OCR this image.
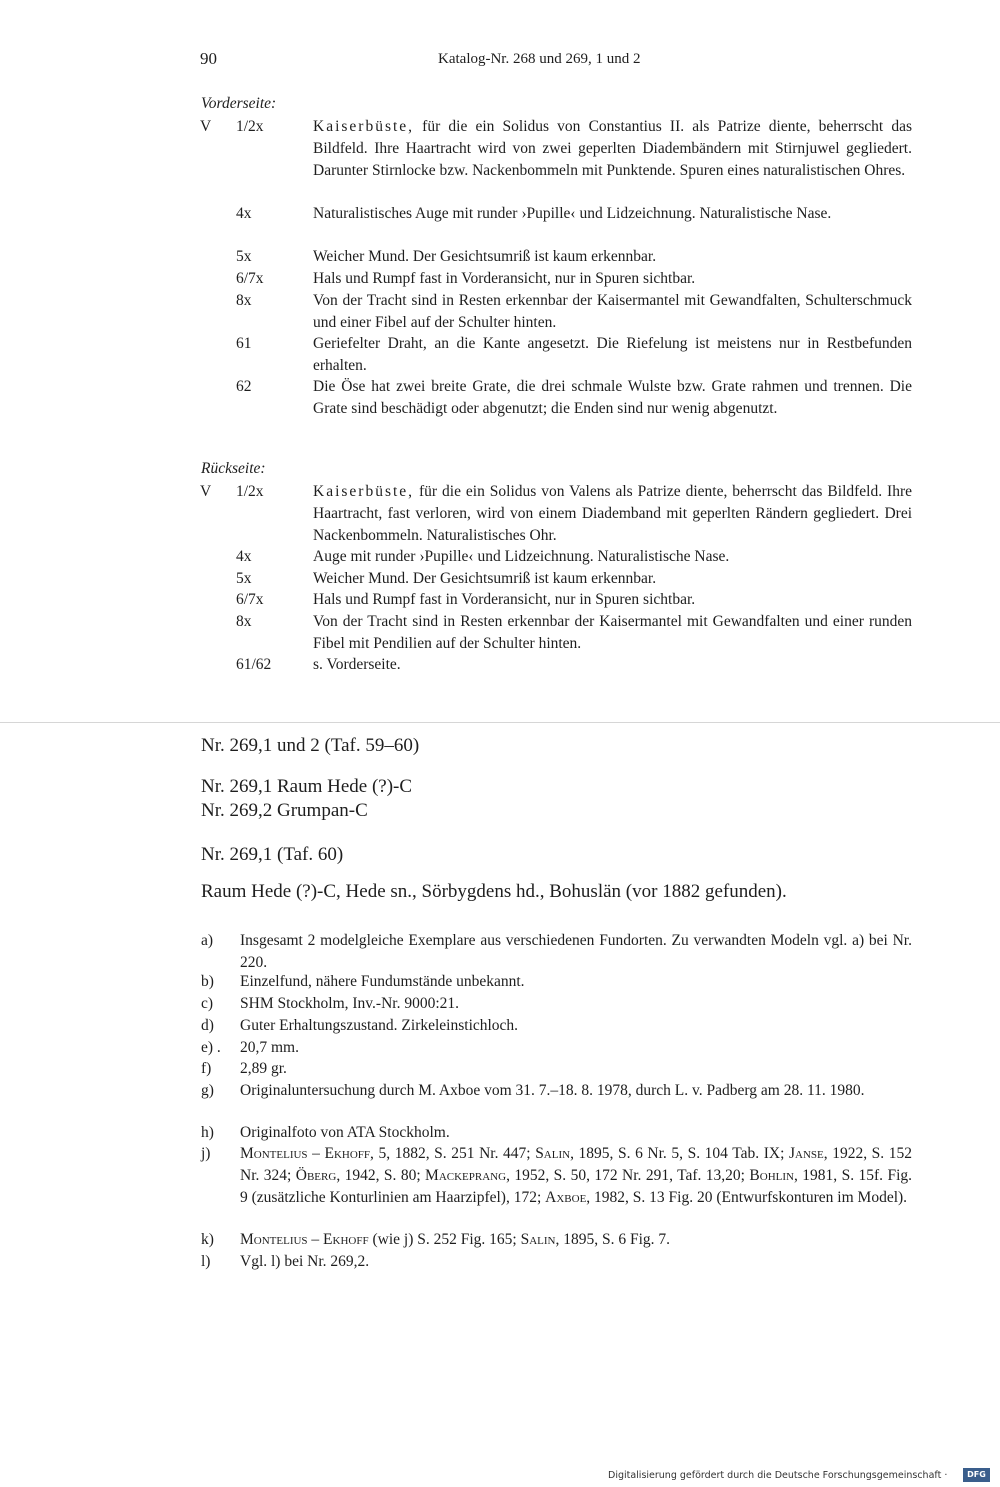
90	Katalog-Nr. 268 und 269, 1 und 2
Vorderseite:
V 1/2x	Kaiserbüste, für die ein Solidus von Constantius II. als Patrize diente, beherrscht das Bildfeld. Ihre Haartracht wird von zwei geperlten Diadembändern mit Stirnjuwel gegliedert. Darunter Stirnlocke bzw. Nackenbommeln mit Punktende. Spuren eines naturalistischen Ohres.
4x	Naturalistisches Auge mit runder ›Pupille‹ und Lidzeichnung. Naturalistische Nase.
5x	Weicher Mund. Der Gesichtsumriß ist kaum erkennbar.
6/7x	Hals und Rumpf fast in Vorderansicht, nur in Spuren sichtbar.
8x	Von der Tracht sind in Resten erkennbar der Kaisermantel mit Gewandfalten, Schulterschmuck und einer Fibel auf der Schulter hinten.
61	Geriefelter Draht, an die Kante angesetzt. Die Riefelung ist meistens nur in Restbefunden erhalten.
62	Die Öse hat zwei breite Grate, die drei schmale Wulste bzw. Grate rahmen und trennen. Die Grate sind beschädigt oder abgenutzt; die Enden sind nur wenig abgenutzt.
Rückseite:
V 1/2x	Kaiserbüste, für die ein Solidus von Valens als Patrize diente, beherrscht das Bildfeld. Ihre Haartracht, fast verloren, wird von einem Diademband mit geperlten Rändern gegliedert. Drei Nackenbommeln. Naturalistisches Ohr.
4x	Auge mit runder ›Pupille‹ und Lidzeichnung. Naturalistische Nase.
5x	Weicher Mund. Der Gesichtsumriß ist kaum erkennbar.
6/7x	Hals und Rumpf fast in Vorderansicht, nur in Spuren sichtbar.
8x	Von der Tracht sind in Resten erkennbar der Kaisermantel mit Gewandfalten und einer runden Fibel mit Pendilien auf der Schulter hinten.
61/62	s. Vorderseite.
Nr. 269,1 und 2 (Taf. 59–60)
Nr. 269,1 Raum Hede (?)-C
Nr. 269,2 Grumpan-C
Nr. 269,1 (Taf. 60)
Raum Hede (?)-C, Hede sn., Sörbygdens hd., Bohuslän (vor 1882 gefunden).
a) Insgesamt 2 modelgleiche Exemplare aus verschiedenen Fundorten. Zu verwandten Modeln vgl. a) bei Nr. 220.
b) Einzelfund, nähere Fundumstände unbekannt.
c) SHM Stockholm, Inv.-Nr. 9000:21.
d) Guter Erhaltungszustand. Zirkeleinstichloch.
e) . 20,7 mm.
f) 2,89 gr.
g) Originaluntersuchung durch M. Axboe vom 31. 7.–18. 8. 1978, durch L. v. Padberg am 28. 11. 1980.
h) Originalfoto von ATA Stockholm.
j) Montelius – Ekhoff, 5, 1882, S. 251 Nr. 447; Salin, 1895, S. 6 Nr. 5, S. 104 Tab. IX; Janse, 1922, S. 152 Nr. 324; Öberg, 1942, S. 80; Mackeprang, 1952, S. 50, 172 Nr. 291, Taf. 13,20; Bohlin, 1981, S. 15f. Fig. 9 (zusätzliche Konturlinien am Haarzipfel), 172; Axboe, 1982, S. 13 Fig. 20 (Entwurfskonturen im Model).
k) Montelius – Ekhoff (wie j) S. 252 Fig. 165; Salin, 1895, S. 6 Fig. 7.
l) Vgl. l) bei Nr. 269,2.
Digitalisierung gefördert durch die Deutsche Forschungsgemeinschaft ·	DFG
